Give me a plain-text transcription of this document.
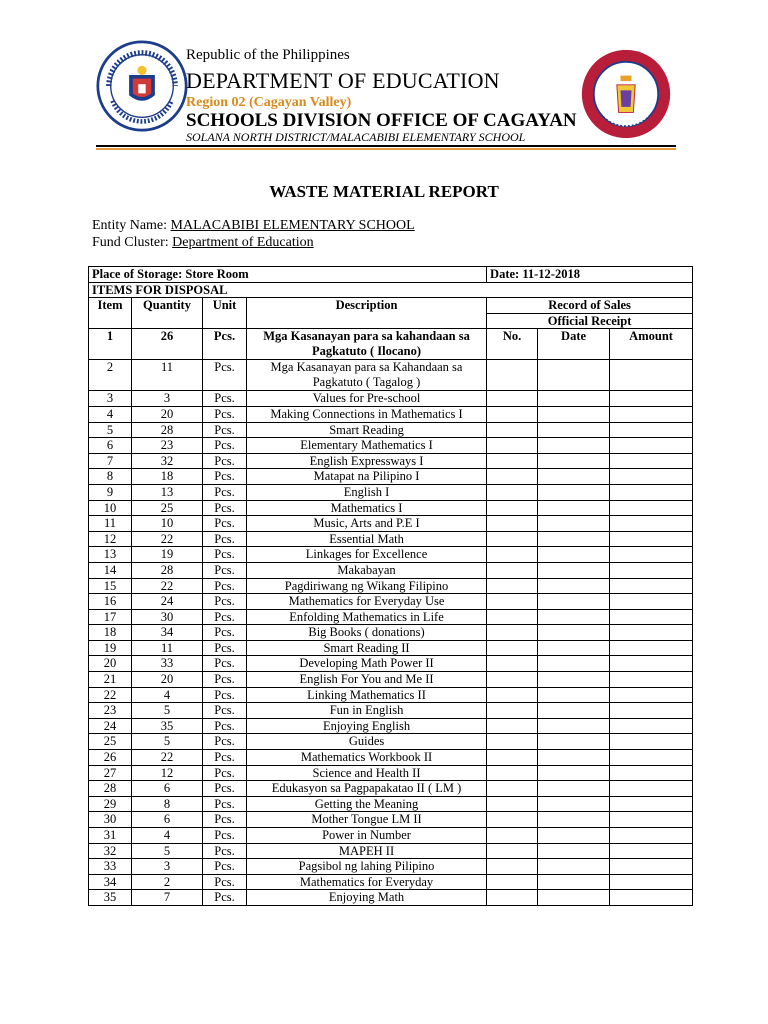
Republic of the Philippines
DEPARTMENT OF EDUCATION
Region 02 (Cagayan Valley)
SCHOOLS DIVISION OFFICE OF CAGAYAN
SOLANA NORTH DISTRICT/MALACABIBI ELEMENTARY SCHOOL
WASTE MATERIAL REPORT
Entity Name: MALACABIBI ELEMENTARY SCHOOL
Fund Cluster: Department of Education
Place of Storage: Store Room				Date: 11-12-2018		
ITEMS FOR DISPOSAL						
Item	Quantity	Unit	Description	Record of Sales		
				Official Receipt		
1	26	Pcs.	Mga Kasanayan para sa kahandaan sa Pagkatuto ( Ilocano)	No.	Date	Amount
2	11	Pcs.	Mga Kasanayan para sa Kahandaan sa Pagkatuto ( Tagalog )			
3	3	Pcs.	Values for Pre-school			
4	20	Pcs.	Making Connections in Mathematics I			
5	28	Pcs.	Smart Reading			
6	23	Pcs.	Elementary Mathematics I			
7	32	Pcs.	English Expressways I			
8	18	Pcs.	Matapat na Pilipino I			
9	13	Pcs.	English I			
10	25	Pcs.	Mathematics I			
11	10	Pcs.	Music, Arts and P.E I			
12	22	Pcs.	Essential Math			
13	19	Pcs.	Linkages for Excellence			
14	28	Pcs.	Makabayan			
15	22	Pcs.	Pagdiriwang ng Wikang Filipino			
16	24	Pcs.	Mathematics for Everyday Use			
17	30	Pcs.	Enfolding Mathematics in Life			
18	34	Pcs.	Big Books ( donations)			
19	11	Pcs.	Smart Reading II			
20	33	Pcs.	Developing Math Power II			
21	20	Pcs.	English For You and Me II			
22	4	Pcs.	Linking Mathematics II			
23	5	Pcs.	Fun in English			
24	35	Pcs.	Enjoying English			
25	5	Pcs.	Guides			
26	22	Pcs.	Mathematics Workbook II			
27	12	Pcs.	Science and Health II			
28	6	Pcs.	Edukasyon sa Pagpapakatao II ( LM )			
29	8	Pcs.	Getting the Meaning			
30	6	Pcs.	Mother Tongue LM II			
31	4	Pcs.	Power in Number			
32	5	Pcs.	MAPEH II			
33	3	Pcs.	Pagsibol ng lahing Pilipino			
34	2	Pcs.	Mathematics for Everyday			
35	7	Pcs.	Enjoying Math			
